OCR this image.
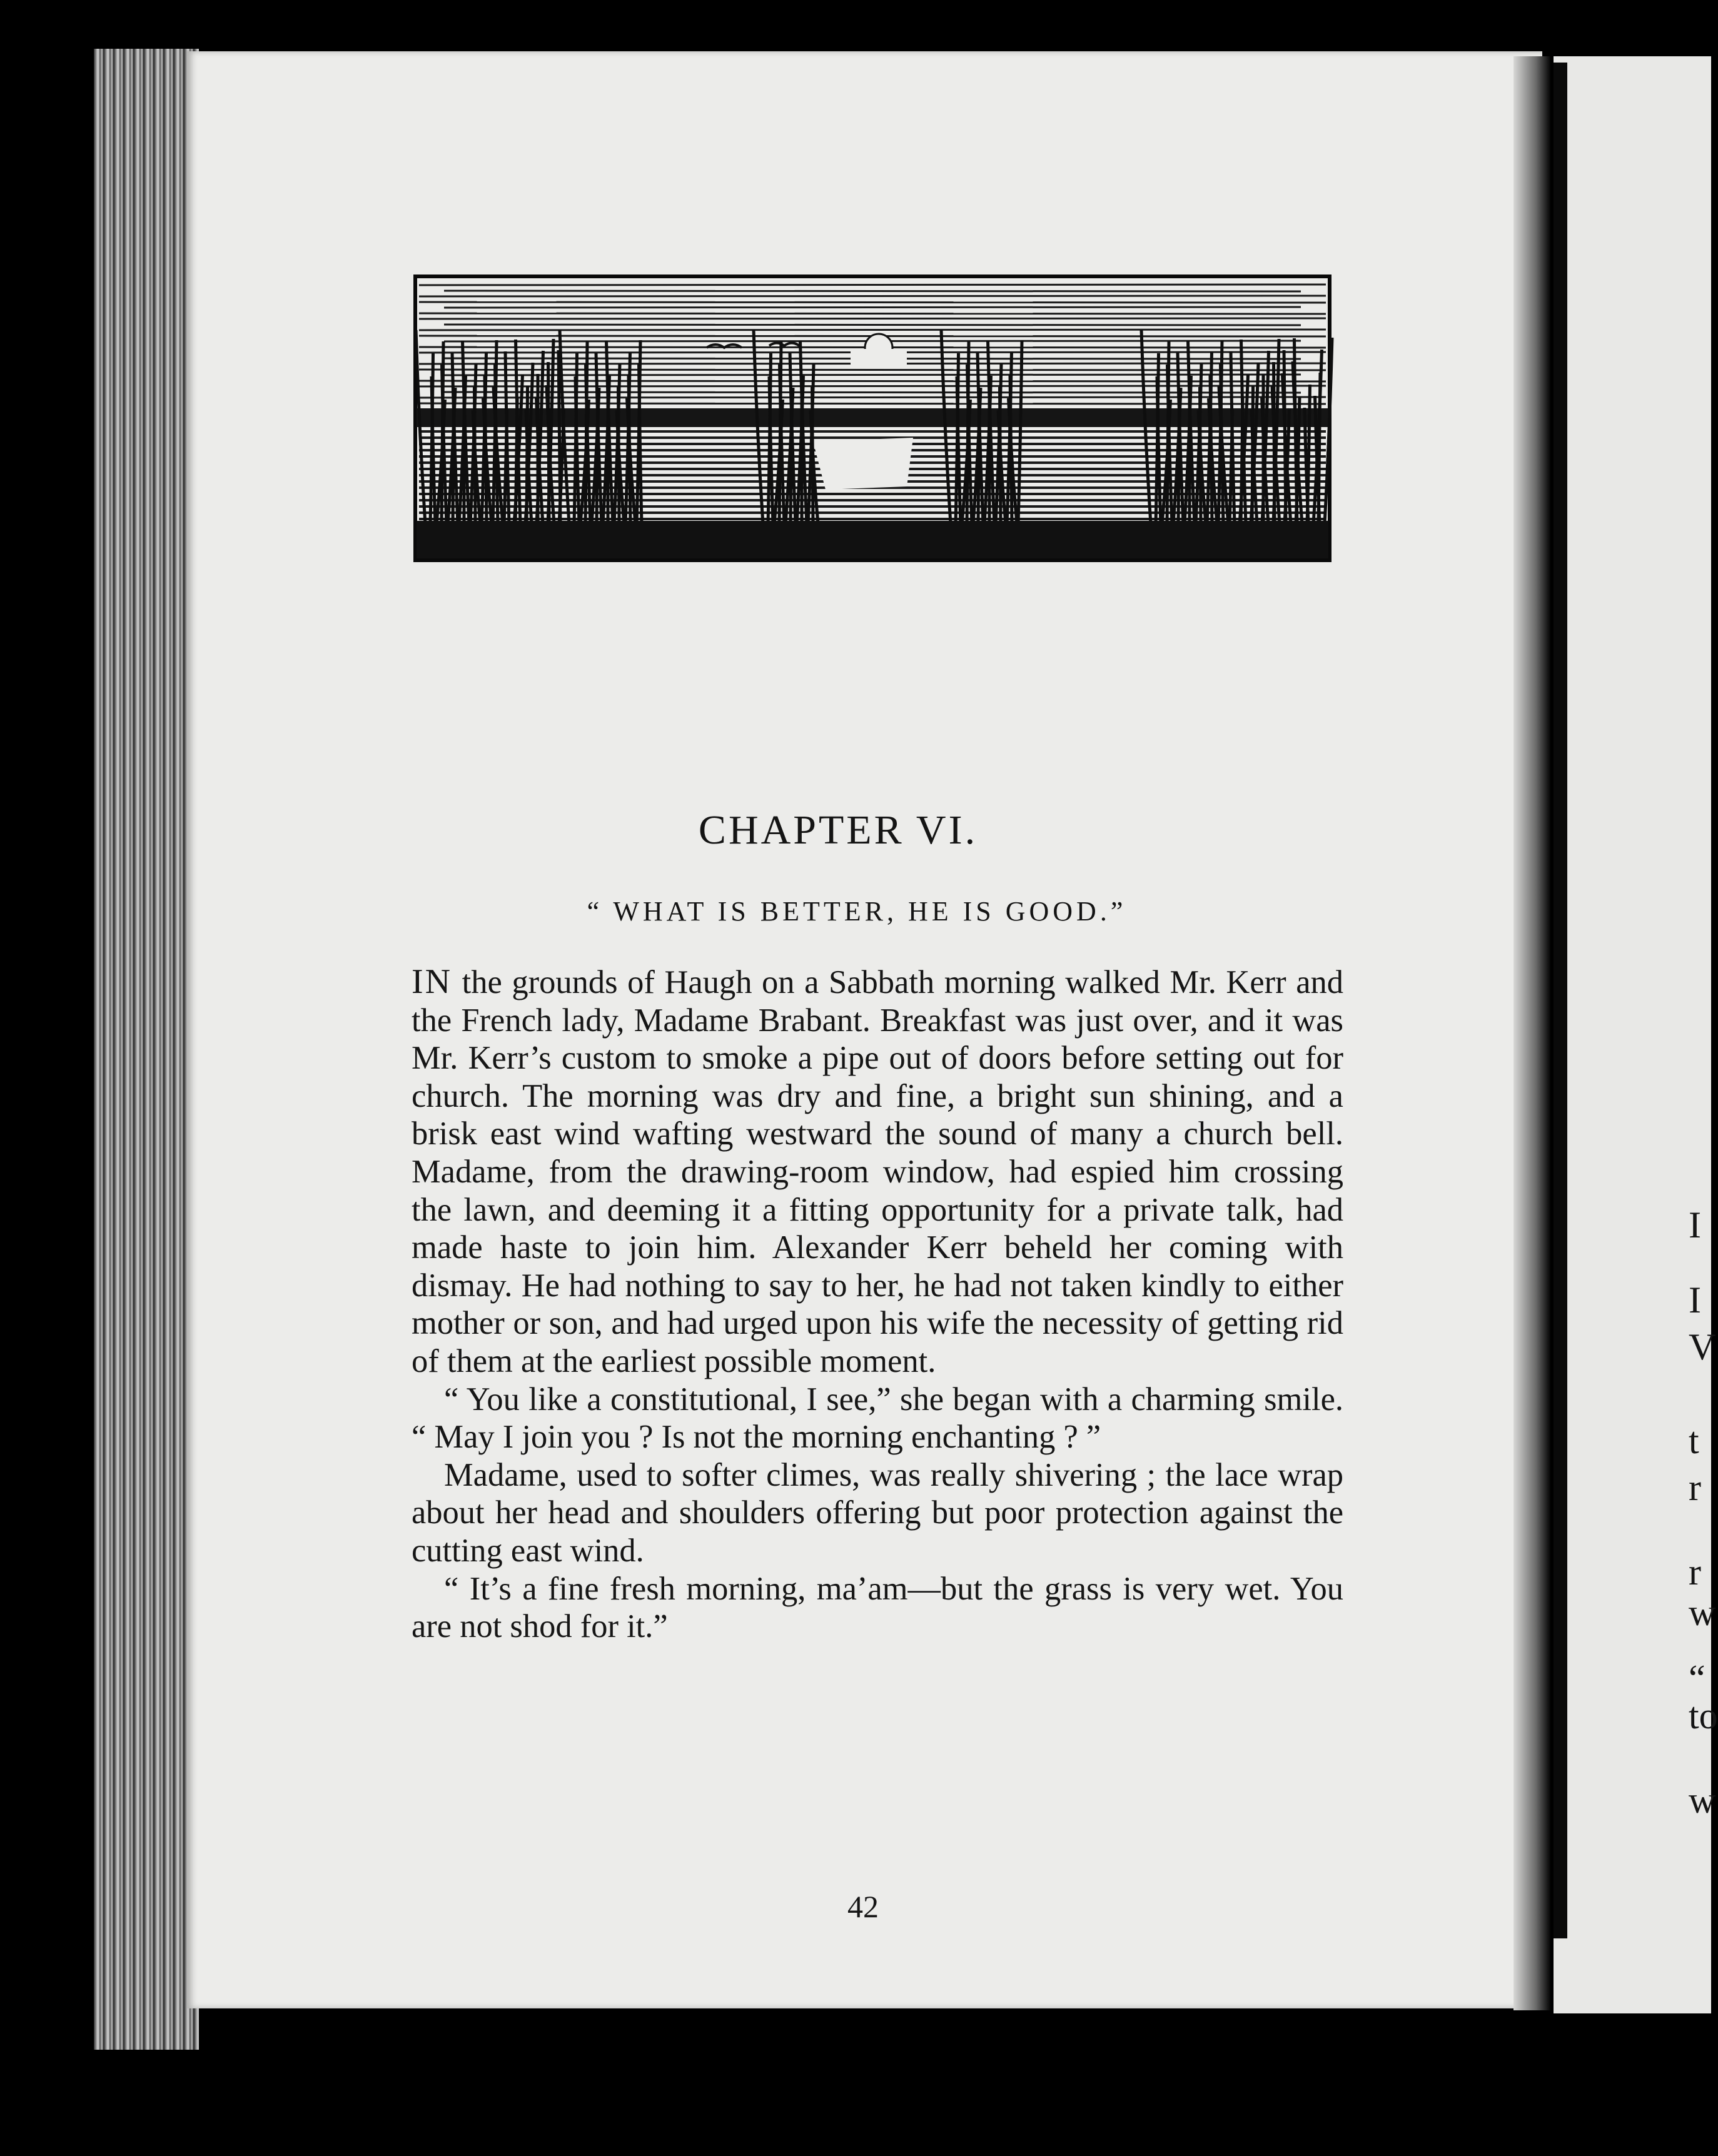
I
I
V
t
r
r
w
“
to
w
CHAPTER VI.
“ WHAT IS BETTER, HE IS GOOD.”

IN the grounds of Haugh on a Sabbath morning walked Mr. Kerr and the French lady, Madame Brabant. Breakfast was just over, and it was Mr. Kerr’s custom to smoke a pipe out of doors before setting out for church. The morning was dry and fine, a bright sun shining, and a brisk east wind wafting westward the sound of many a church bell. Madame, from the drawing-room window, had espied him crossing the lawn, and deeming it a fitting opportunity for a private talk, had made haste to join him. Alexander Kerr beheld her coming with dismay. He had nothing to say to her, he had not taken kindly to either mother or son, and had urged upon his wife the necessity of getting rid of them at the earliest possible moment.

“ You like a constitutional, I see,” she began with a charming smile. “ May I join you ? Is not the morning enchanting ? ”

Madame, used to softer climes, was really shivering ; the lace wrap about her head and shoulders offering but poor protection against the cutting east wind.

“ It’s a fine fresh morning, ma’am—but the grass is very wet. You are not shod for it.”

42
